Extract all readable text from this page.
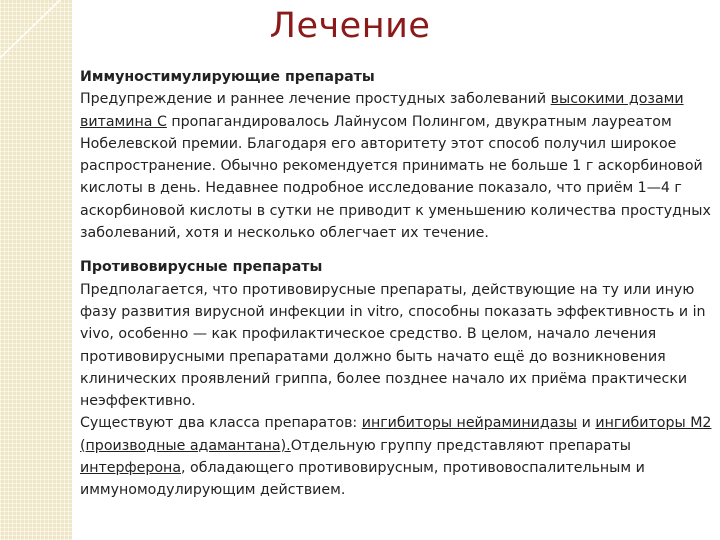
Лечение

Иммуностимулирующие препараты

Предупреждение и раннее лечение простудных заболеваний высокими дозами витамина С пропагандировалось Лайнусом Полингом, двукратным лауреатом Нобелевской премии. Благодаря его авторитету этот способ получил широкое распространение. Обычно рекомендуется принимать не больше 1 г аскорбиновой кислоты в день. Недавнее подробное исследование показало, что приём 1—4 г аскорбиновой кислоты в сутки не приводит к уменьшению количества простудных заболеваний, хотя и несколько облегчает их течение.

Противовирусные препараты

Предполагается, что противовирусные препараты, действующие на ту или иную фазу развития вирусной инфекции in vitro, способны показать эффективность и in vivo, особенно — как профилактическое средство. В целом, начало лечения противовирусными препаратами должно быть начато ещё до возникновения клинических проявлений гриппа, более позднее начало их приёма практически неэффективно.

Существуют два класса препаратов: ингибиторы нейраминидазы и ингибиторы М2 (производные адамантана).Отдельную группу представляют препараты интерферона, обладающего противовирусным, противовоспалительным и иммуномодулирующим действием.
